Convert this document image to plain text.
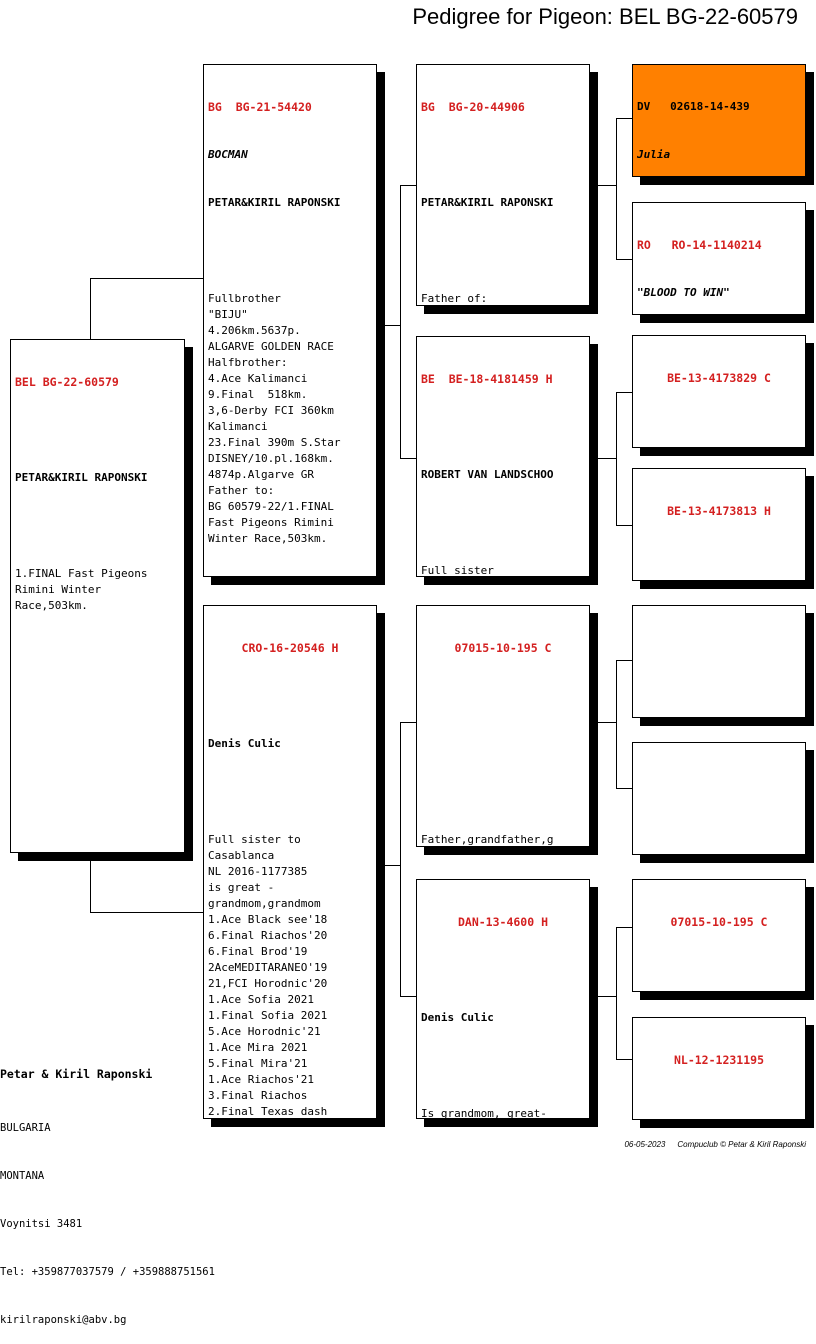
Pedigree for Pigeon: BEL BG-22-60579

BEL BG-22-60579

PETAR&KIRIL RAPONSKI

1.FINAL Fast Pigeons
Rimini Winter
Race,503km.

BG  BG-21-54420

BOCMAN

PETAR&KIRIL RAPONSKI

Fullbrother
"BIJU"
4.206km.5637p.
ALGARVE GOLDEN RACE
Halfbrother:
4.Ace Kalimanci
9.Final  518km.
3,6-Derby FCI 360km
Kalimanci
23.Final 390m S.Star
DISNEY/10.pl.168km.
4874p.Algarve GR
Father to:
BG 60579-22/1.FINAL
Fast Pigeons Rimini
Winter Race,503km.

CRO-16-20546 H

Denis Culic

Full sister to
Casablanca
NL 2016-1177385
is great -
grandmom,grandmom
1.Ace Black see'18
6.Final Riachos'20
6.Final Brod'19
2AceMEDITARANEO'19
21,FCI Horodnic'20
1.Ace Sofia 2021
1.Final Sofia 2021
5.Ace Horodnic'21
1.Ace Mira 2021
5.Final Mira'21
1.Ace Riachos'21
3.Final Riachos
2.Final Texas dash

BG  BG-20-44906

PETAR&KIRIL RAPONSKI

Father of:

BE  BE-18-4181459 H

ROBERT VAN LANDSCHOO

Full sister

07015-10-195 C

Father,grandfather,g

DAN-13-4600 H

Denis Culic

Is grandmom, great-

DV   02618-14-439

Julia

RO   RO-14-1140214

"BLOOD TO WIN"

BE-13-4173829 C

BE-13-4173813 H

07015-10-195 C

NL-12-1231195

Petar & Kiril Raponski

BULGARIA

MONTANA

Voynitsi 3481

Tel: +359877037579 / +359888751561

kirilraponski@abv.bg

06-05-2023 Compuclub © Petar & Kiril Raponski
